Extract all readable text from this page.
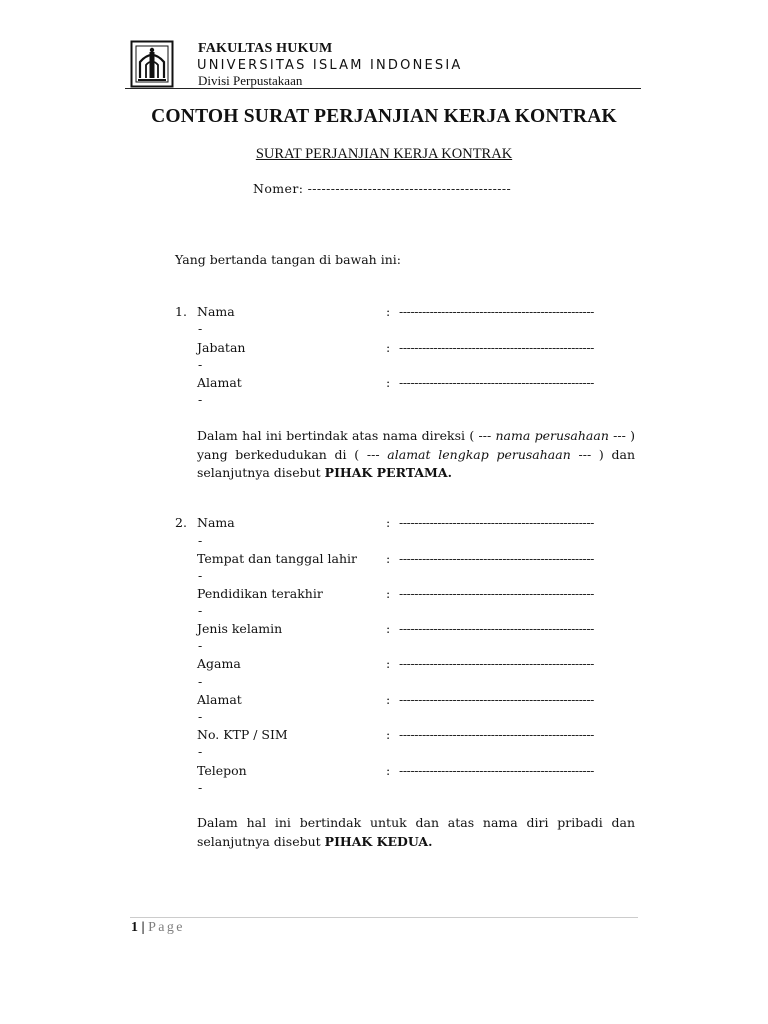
FAKULTAS HUKUM
UNIVERSITAS ISLAM INDONESIA
Divisi Perpustakaan
CONTOH SURAT PERJANJIAN KERJA KONTRAK
SURAT PERJANJIAN KERJA KONTRAK
Nomer: --------------------------------------------
Yang bertanda tangan di bawah ini:
1. Nama	: ---------------------------------------------------
-
Jabatan	: ---------------------------------------------------
-
Alamat	: ---------------------------------------------------
-
Dalam hal ini bertindak atas nama direksi ( --- nama perusahaan --- ) yang berkedudukan di ( --- alamat lengkap perusahaan --- ) dan selanjutnya disebut PIHAK PERTAMA.
2. Nama	: ---------------------------------------------------
-
Tempat dan tanggal lahir : ---------------------------------------------------
-
Pendidikan terakhir	: ---------------------------------------------------
-
Jenis kelamin	: ---------------------------------------------------
-
Agama	: ---------------------------------------------------
-
Alamat	: ---------------------------------------------------
-
No. KTP / SIM	: ---------------------------------------------------
-
Telepon	: ---------------------------------------------------
-
Dalam hal ini bertindak untuk dan atas nama diri pribadi dan selanjutnya disebut PIHAK KEDUA.
1 | Page
